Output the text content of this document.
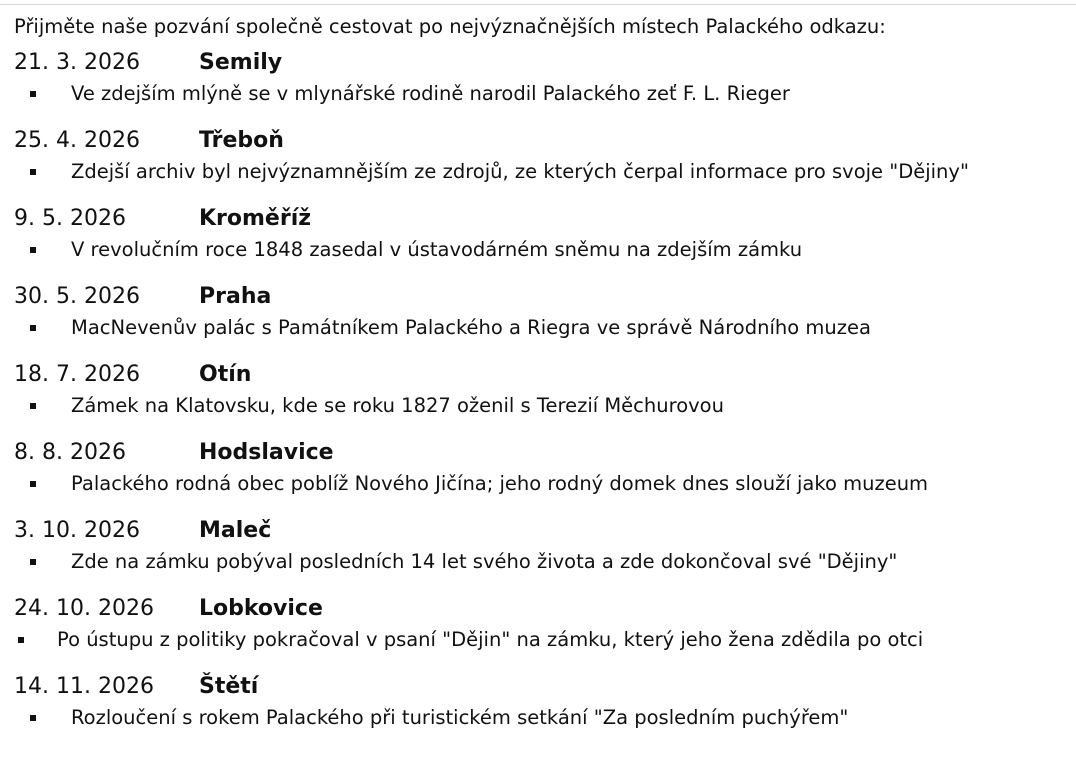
Přijměte naše pozvání společně cestovat po nejvýznačnějších místech Palackého odkazu:
21. 3. 2026	Semily
Ve zdejším mlýně se v mlynářské rodině narodil Palackého zeť F. L. Rieger
25. 4. 2026	Třeboň
Zdejší archiv byl nejvýznamnějším ze zdrojů, ze kterých čerpal informace pro svoje "Dějiny"
9. 5. 2026	Kroměříž
V revolučním roce 1848 zasedal v ústavodárném sněmu na zdejším zámku
30. 5. 2026	Praha
MacNevenův palác s Památníkem Palackého a Riegra ve správě Národního muzea
18. 7. 2026	Otín
Zámek na Klatovsku, kde se roku 1827 oženil s Terezií Měchurovou
8. 8. 2026	Hodslavice
Palackého rodná obec poblíž Nového Jičína; jeho rodný domek dnes slouží jako muzeum
3. 10. 2026	Maleč
Zde na zámku pobýval posledních 14 let svého života a zde dokončoval své "Dějiny"
24. 10. 2026 Lobkovice
Po ústupu z politiky pokračoval v psaní "Dějin" na zámku, který jeho žena zdědila po otci
14. 11. 2026 Štětí
Rozloučení s rokem Palackého při turistickém setkání "Za posledním puchýřem"
